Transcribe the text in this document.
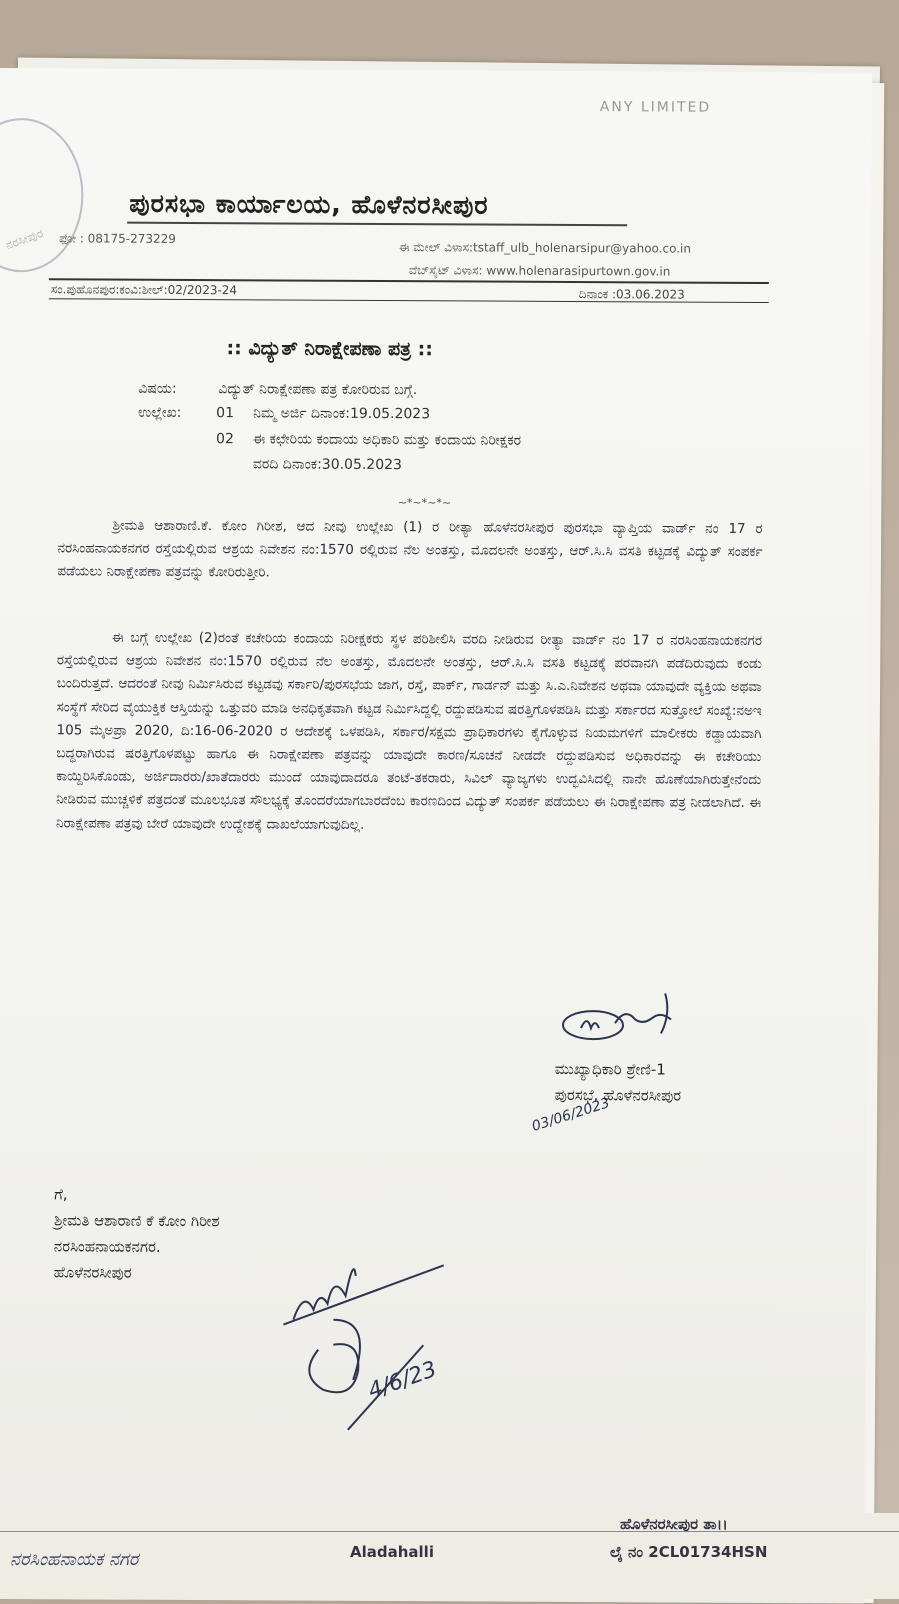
ANY LIMITED
ನರಸೀಪುರ
ಪುರಸಭಾ ಕಾರ್ಯಾಲಯ, ಹೊಳೆನರಸೀಪುರ
ಫೋ : 08175-273229
ಈ ಮೇಲ್ ವಿಳಾಸ:tstaff_ulb_holenarsipur@yahoo.co.in
ವೆಬ್‌ಸೈಟ್ ವಿಳಾಸ: www.holenarasipurtown.gov.in
ಸಂ.ಪುಹೊನಪುರ:ಕಂವಿ:ಶೀಲ್:02/2023-24	ದಿನಾಂಕ :03.06.2023
:: ವಿದ್ಯುತ್ ನಿರಾಕ್ಷೇಪಣಾ ಪತ್ರ ::
ವಿಷಯ:	ವಿದ್ಯುತ್ ನಿರಾಕ್ಷೇಪಣಾ ಪತ್ರ ಕೋರಿರುವ ಬಗ್ಗೆ.
ಉಲ್ಲೇಖ: 01 ನಿಮ್ಮ ಅರ್ಜಿ ದಿನಾಂಕ:19.05.2023
02 ಈ ಕಛೇರಿಯ ಕಂದಾಯ ಅಧಿಕಾರಿ ಮತ್ತು ಕಂದಾಯ ನಿರೀಕ್ಷಕರ
ವರದಿ ದಿನಾಂಕ:30.05.2023
~*~*~*~
ಶ್ರೀಮತಿ ಆಶಾರಾಣಿ.ಕೆ. ಕೋಂ ಗಿರೀಶ, ಆದ ನೀವು ಉಲ್ಲೇಖ (1) ರ ರೀತ್ಯಾ ಹೊಳೆನರಸೀಪುರ ಪುರಸಭಾ ವ್ಯಾಪ್ತಿಯ ವಾರ್ಡ್ ನಂ 17 ರ ನರಸಿಂಹನಾಯಕನಗರ ರಸ್ತೆಯಲ್ಲಿರುವ ಆಶ್ರಯ ನಿವೇಶನ ನಂ:1570 ರಲ್ಲಿರುವ ನೆಲ ಅಂತಸ್ತು, ಮೊದಲನೇ ಅಂತಸ್ತು, ಆರ್.ಸಿ.ಸಿ ವಸತಿ ಕಟ್ಟಡಕ್ಕೆ ವಿದ್ಯುತ್ ಸಂಪರ್ಕ ಪಡೆಯಲು ನಿರಾಕ್ಷೇಪಣಾ ಪತ್ರವನ್ನು ಕೋರಿರುತ್ತೀರಿ.
ಈ ಬಗ್ಗೆ ಉಲ್ಲೇಖ (2)ರಂತೆ ಕಚೇರಿಯ ಕಂದಾಯ ನಿರೀಕ್ಷಕರು ಸ್ಥಳ ಪರಿಶೀಲಿಸಿ ವರದಿ ನೀಡಿರುವ ರೀತ್ಯಾ ವಾರ್ಡ್ ನಂ 17 ರ ನರಸಿಂಹನಾಯಕನಗರ ರಸ್ತೆಯಲ್ಲಿರುವ ಆಶ್ರಯ ನಿವೇಶನ ನಂ:1570 ರಲ್ಲಿರುವ ನೆಲ ಅಂತಸ್ತು, ಮೊದಲನೇ ಅಂತಸ್ತು, ಆರ್.ಸಿ.ಸಿ ವಸತಿ ಕಟ್ಟಡಕ್ಕೆ ಪರವಾನಗಿ ಪಡೆದಿರುವುದು ಕಂಡು ಬಂದಿರುತ್ತದೆ. ಆದರಂತೆ ನೀವು ನಿರ್ಮಿಸಿರುವ ಕಟ್ಟಡವು ಸರ್ಕಾರಿ/ಪುರಸಭೆಯ ಜಾಗ, ರಸ್ತೆ, ಪಾರ್ಕ್, ಗಾರ್ಡನ್ ಮತ್ತು ಸಿ.ಎ.ನಿವೇಶನ ಅಥವಾ ಯಾವುದೇ ವ್ಯಕ್ತಿಯ ಅಥವಾ ಸಂಸ್ಥೆಗೆ ಸೇರಿದ ವೈಯುಕ್ತಿಕ ಆಸ್ತಿಯನ್ನು ಒತ್ತುವರಿ ಮಾಡಿ ಅನಧಿಕೃತವಾಗಿ ಕಟ್ಟಡ ನಿರ್ಮಿಸಿದ್ದಲ್ಲಿ ರದ್ದುಪಡಿಸುವ ಷರತ್ತಿಗೊಳಪಡಿಸಿ ಮತ್ತು ಸರ್ಕಾರದ ಸುತ್ತೋಲೆ ಸಂಖ್ಯೆ:ನಅಇ 105 ಮೈಅಪ್ರಾ 2020, ದಿ:16-06-2020 ರ ಆದೇಶಕ್ಕೆ ಒಳಪಡಿಸಿ, ಸರ್ಕಾರ/ಸಕ್ಷಮ ಪ್ರಾಧಿಕಾರಗಳು ಕೈಗೊಳ್ಳುವ ನಿಯಮಗಳಿಗೆ ಮಾಲೀಕರು ಕಡ್ಡಾಯವಾಗಿ ಬದ್ಧರಾಗಿರುವ ಷರತ್ತಿಗೊಳಪಟ್ಟು ಹಾಗೂ ಈ ನಿರಾಕ್ಷೇಪಣಾ ಪತ್ರವನ್ನು ಯಾವುದೇ ಕಾರಣ/ಸೂಚನೆ ನೀಡದೇ ರದ್ದುಪಡಿಸುವ ಅಧಿಕಾರವನ್ನು ಈ ಕಚೇರಿಯು ಕಾಯ್ದಿರಿಸಿಕೊಂಡು, ಅರ್ಜಿದಾರರು/ಖಾತೆದಾರರು ಮುಂದೆ ಯಾವುದಾದರೂ ತಂಟೆ-ತಕರಾರು, ಸಿವಿಲ್ ವ್ಯಾಜ್ಯಗಳು ಉದ್ಭವಿಸಿದಲ್ಲಿ ನಾನೇ ಹೊಣೆಯಾಗಿರುತ್ತೇನೆಂದು ನೀಡಿರುವ ಮುಚ್ಚಳಿಕೆ ಪತ್ರದಂತೆ ಮೂಲಭೂತ ಸೌಲಭ್ಯಕ್ಕೆ ತೊಂದರೆಯಾಗಬಾರದೆಂಬ ಕಾರಣದಿಂದ ವಿದ್ಯುತ್ ಸಂಪರ್ಕ ಪಡೆಯಲು ಈ ನಿರಾಕ್ಷೇಪಣಾ ಪತ್ರ ನೀಡಲಾಗಿದೆ. ಈ ನಿರಾಕ್ಷೇಪಣಾ ಪತ್ರವು ಬೇರೆ ಯಾವುದೇ ಉದ್ದೇಶಕ್ಕೆ ದಾಖಲೆಯಾಗುವುದಿಲ್ಲ.
ಮುಖ್ಯಾಧಿಕಾರಿ ಶ್ರೇಣಿ-1
ಪುರಸಭೆ, ಹೊಳೆನರಸೀಪುರ
03/06/2023
ಗೆ,
ಶ್ರೀಮತಿ ಆಶಾರಾಣಿ ಕೆ ಕೋಂ ಗಿರೀಶ
ನರಸಿಂಹನಾಯಕನಗರ.
ಹೊಳೆನರಸೀಪುರ
4/6/23
ನರಸಿಂಹನಾಯಕ ನಗರ	Aladahalli
ಹೊಳೆನರಸೀಪುರ ತಾ।।
ಲೈ ನಂ 2CL01734HSN
